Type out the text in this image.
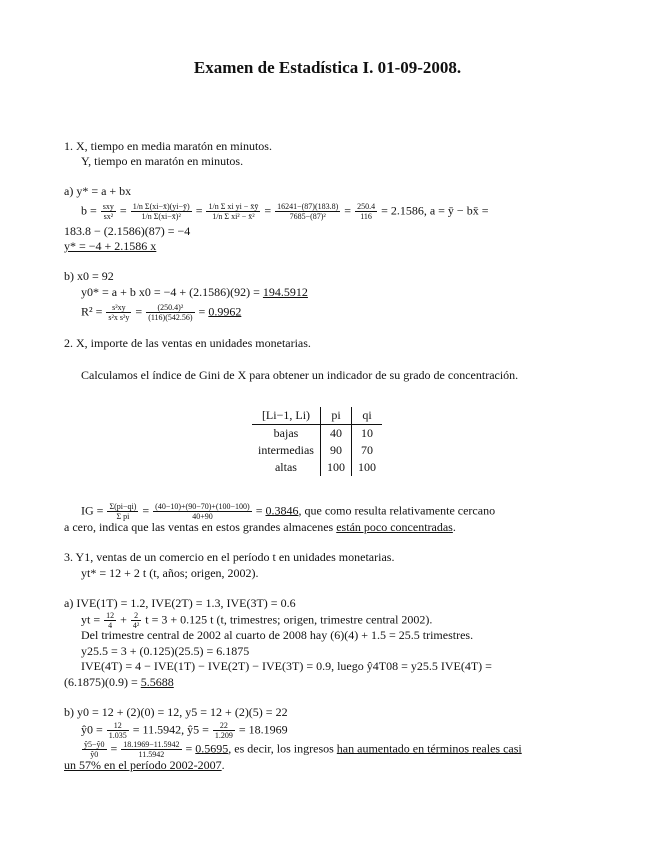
Examen de Estadística I. 01-09-2008.
1. X, tiempo en media maratón en minutos.
Y, tiempo en maratón en minutos.
a) y* = a + bx
$b = \frac{\text{sxy}}{\text{sx²}} = \frac{\text{1/n Σ(xi−x̄)(yi−ȳ)}}{\text{1/n Σ(xi−x̄)²}} = \frac{\text{1/n Σ xi yi − x̄ȳ}}{\text{1/n Σ xi² − x̄²}} = \frac{16241-(87)(183.8)}{\text{7685−(87)²}} = \frac{250.4}{116} = 2.1586$, a = ȳ − bx̄ =
183.8 − (2.1586)(87) = −4
y* = −4 + 2.1586 x
b) x0 = 92
y0* = a + b x0 = −4 + (2.1586)(92) = 194.5912
$R^2 = \frac{\text{s²xy}}{\text{s²x s²y}} = \frac{\text{(250.4)²}}{(116)(542.56)} = 0.9962$
2. X, importe de las ventas en unidades monetarias.
Calculamos el índice de Gini de X para obtener un indicador de su grado de concentración.
[Li−1, Li)	pi	qi
bajas	40	10
intermedias	90	70
altas	100	100
IG = $\frac{\Sigma(pi-qi)}{\text{Σ pi}} = \frac{(40-10)+(90-70)+(100-100)}{40+90} = 0.3846$, que como resulta relativamente cercano
a cero, indica que las ventas en estos grandes almacenes están poco concentradas.
3. Y1, ventas de un comercio en el período t en unidades monetarias.
yt* = 12 + 2 t (t, años; origen, 2002).
a) IVE(1T) = 1.2, IVE(2T) = 1.3, IVE(3T) = 0.6
yt = $\frac{12}{4} + \frac{2}{\text{4²}}$ t = 3 + 0.125 t (t, trimestres; origen, trimestre central 2002).
Del trimestre central de 2002 al cuarto de 2008 hay (6)(4) + 1.5 = 25.5 trimestres.
y25.5 = 3 + (0.125)(25.5) = 6.1875
IVE(4T) = 4 − IVE(1T) − IVE(2T) − IVE(3T) = 0.9, luego ŷ4T08 = y25.5 IVE(4T) =
(6.1875)(0.9) = 5.5688
b) y0 = 12 + (2)(0) = 12, y5 = 12 + (2)(5) = 22
ŷ0 = $\frac{12}{1.035} = 11.5942$, ŷ5 = $\frac{22}{1.209} = 18.1969$
$\frac{ŷ5-ŷ0}{ŷ0} = \frac{18.1969-11.5942}{11.5942} = 0.5695$, es decir, los ingresos han aumentado en términos reales casi
un 57% en el período 2002-2007.
